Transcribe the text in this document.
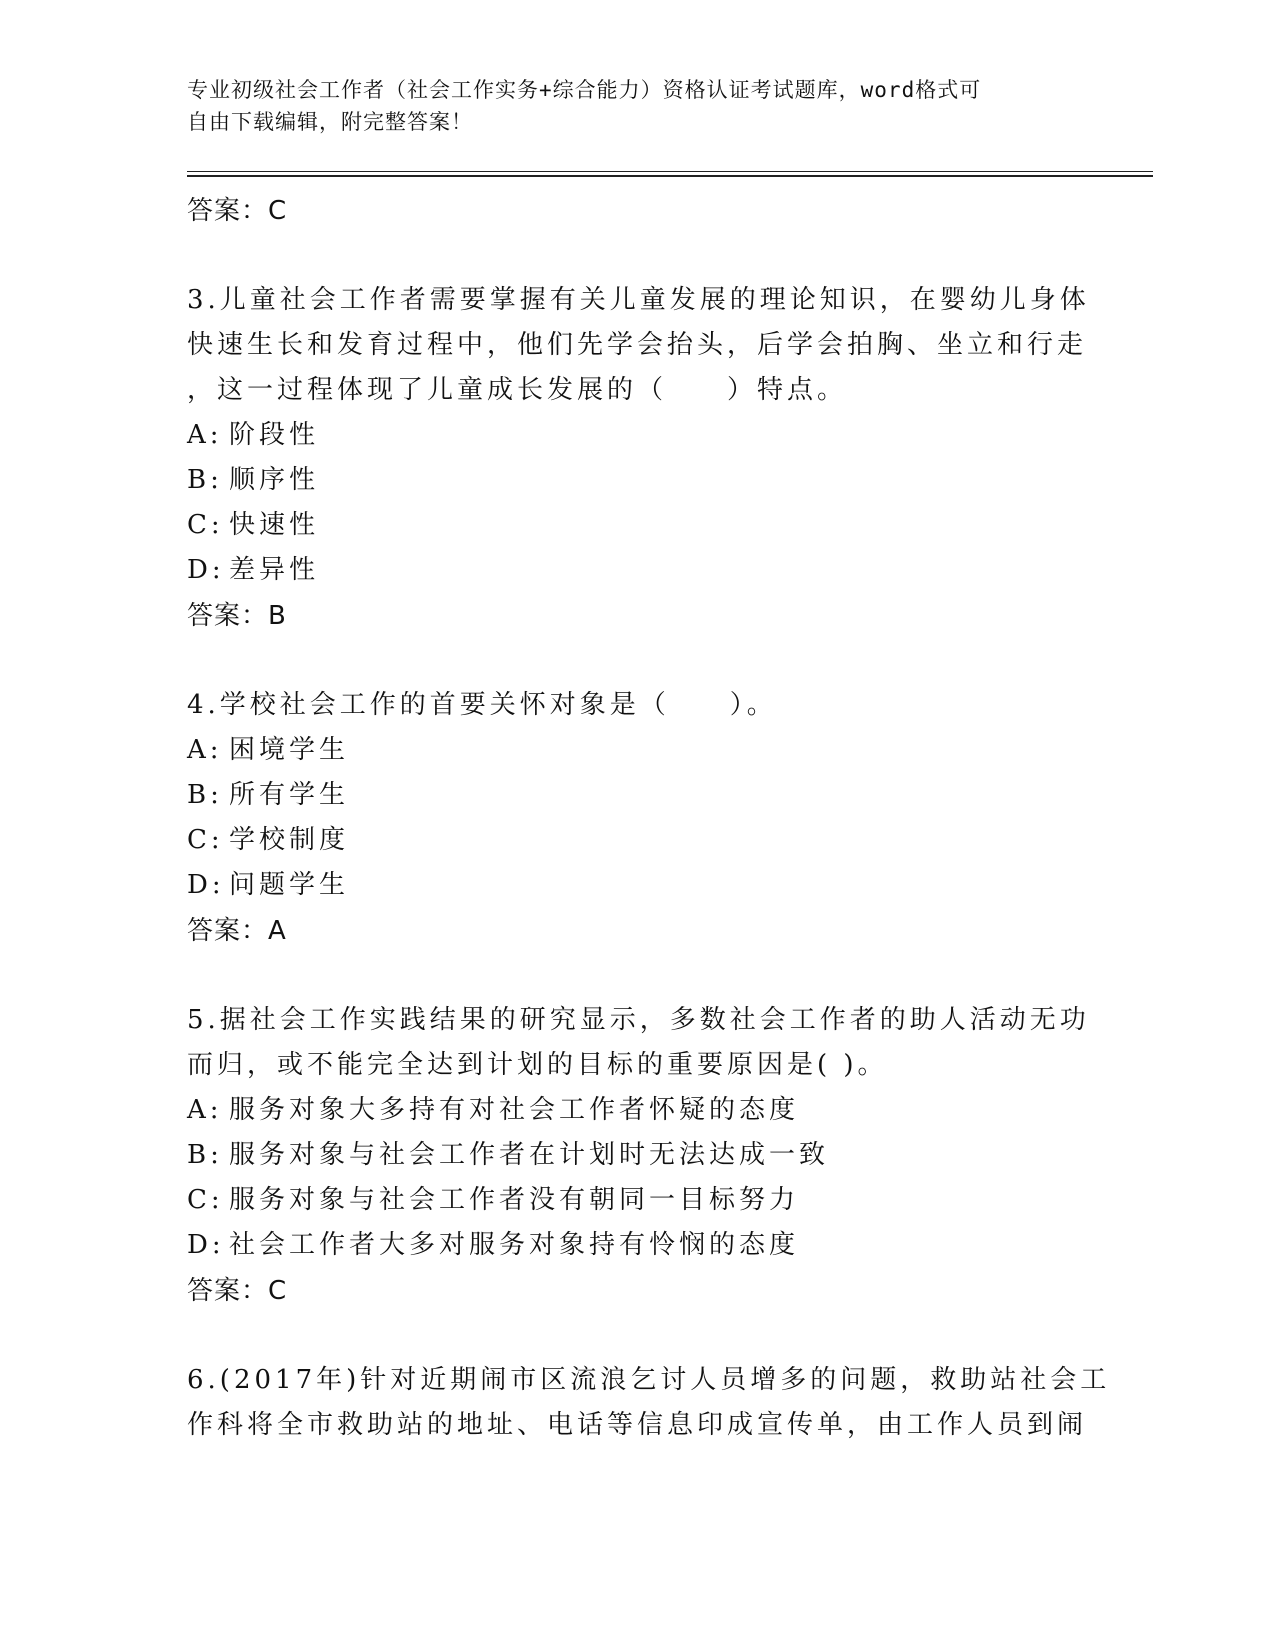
专业初级社会工作者（社会工作实务+综合能力）资格认证考试题库，word格式可
自由下载编辑，附完整答案！
答案：C
3.儿童社会工作者需要掌握有关儿童发展的理论知识，在婴幼儿身体
快速生长和发育过程中，他们先学会抬头，后学会拍胸、坐立和行走
，这一过程体现了儿童成长发展的（　　）特点。
A: 阶段性
B: 顺序性
C: 快速性
D: 差异性
答案：B
4.学校社会工作的首要关怀对象是（　　）。
A: 困境学生
B: 所有学生
C: 学校制度
D: 问题学生
答案：A
5.据社会工作实践结果的研究显示，多数社会工作者的助人活动无功
而归，或不能完全达到计划的目标的重要原因是( )。
A: 服务对象大多持有对社会工作者怀疑的态度
B: 服务对象与社会工作者在计划时无法达成一致
C: 服务对象与社会工作者没有朝同一目标努力
D: 社会工作者大多对服务对象持有怜悯的态度
答案：C
6.(2017年)针对近期闹市区流浪乞讨人员增多的问题，救助站社会工
作科将全市救助站的地址、电话等信息印成宣传单，由工作人员到闹
